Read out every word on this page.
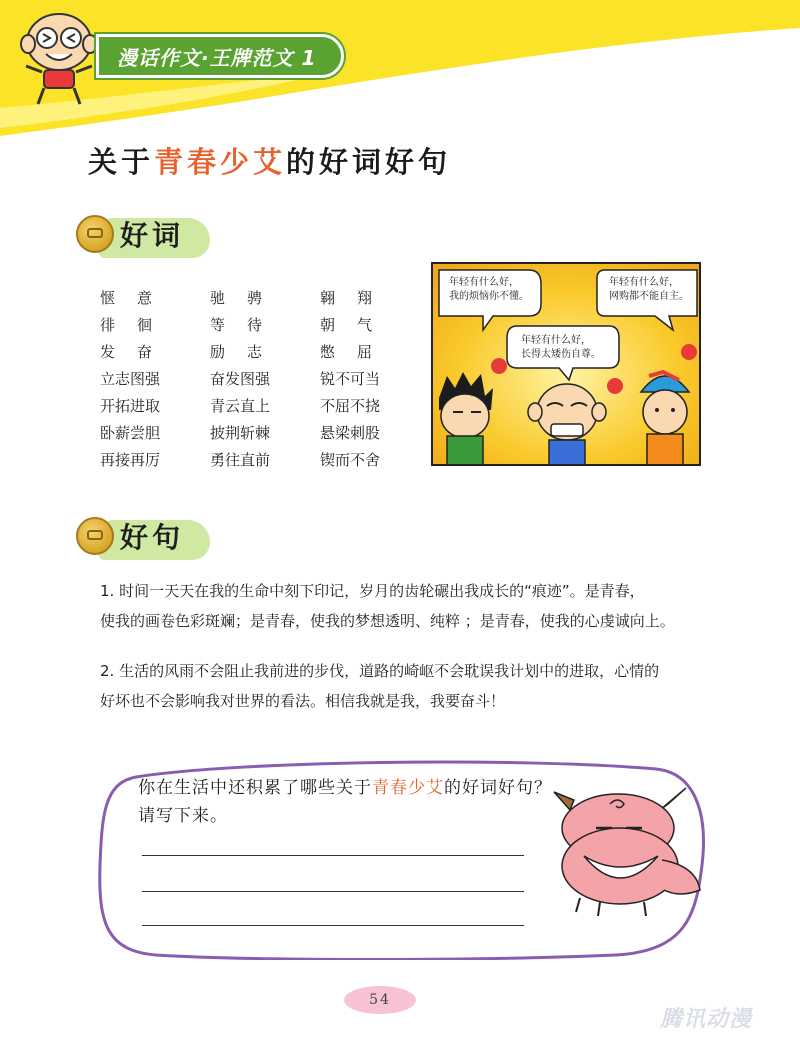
漫话作文·王牌范文 1
关于青春少艾的好词好句
好词
惬意	驰骋	翱翔
徘徊	等待	朝气
发奋	励志	憋屈
立志图强	奋发图强	锐不可当
开拓进取	青云直上	不屈不挠
卧薪尝胆	披荆斩棘	悬梁刺股
再接再厉	勇往直前	锲而不舍
年轻有什么好，
我的烦恼你不懂。
年轻有什么好，
网购都不能自主。
年轻有什么好，
长得太矮伤自尊。
好句
1. 时间一天天在我的生命中刻下印记，岁月的齿轮碾出我成长的“痕迹”。是青春，
使我的画卷色彩斑斓；是青春，使我的梦想透明、纯粹 ；是青春，使我的心虔诚向上。
2. 生活的风雨不会阻止我前进的步伐，道路的崎岖不会耽误我计划中的进取，心情的
好坏也不会影响我对世界的看法。相信我就是我，我要奋斗！
你在生活中还积累了哪些关于青春少艾的好词好句？请写下来。
54
腾讯动漫
